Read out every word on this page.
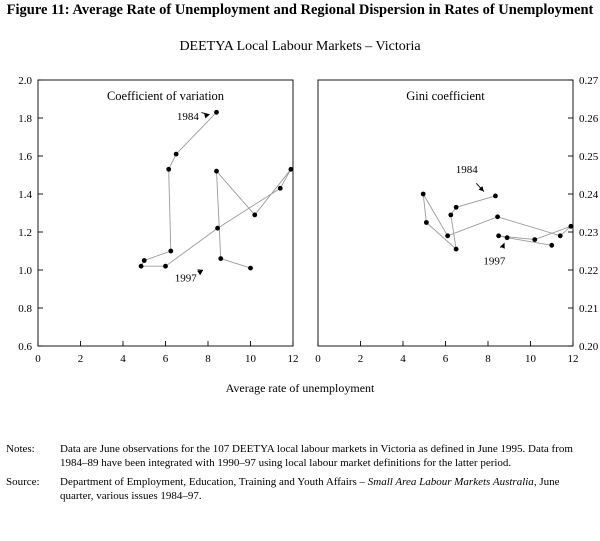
Figure 11: Average Rate of Unemployment and Regional Dispersion in Rates of Unemployment
DEETYA Local Labour Markets – Victoria
Coefficient of variation
0.6
0.8
1.0
1.2
1.4
1.6
1.8
2.0
0	2	4	6	8	10	12
1984
1997
Gini coefficient
0.20
0.21
0.22
0.23
0.24
0.25
0.26
0.27
0	2	4	6	8	10	12
1984
1997
Average rate of unemployment
Notes:	Data are June observations for the 107 DEETYA local labour markets in Victoria as defined in June 1995. Data from 1984–89 have been integrated with 1990–97 using local labour market definitions for the latter period.
Source:	Department of Employment, Education, Training and Youth Affairs – Small Area Labour Markets Australia, June quarter, various issues 1984–97.
